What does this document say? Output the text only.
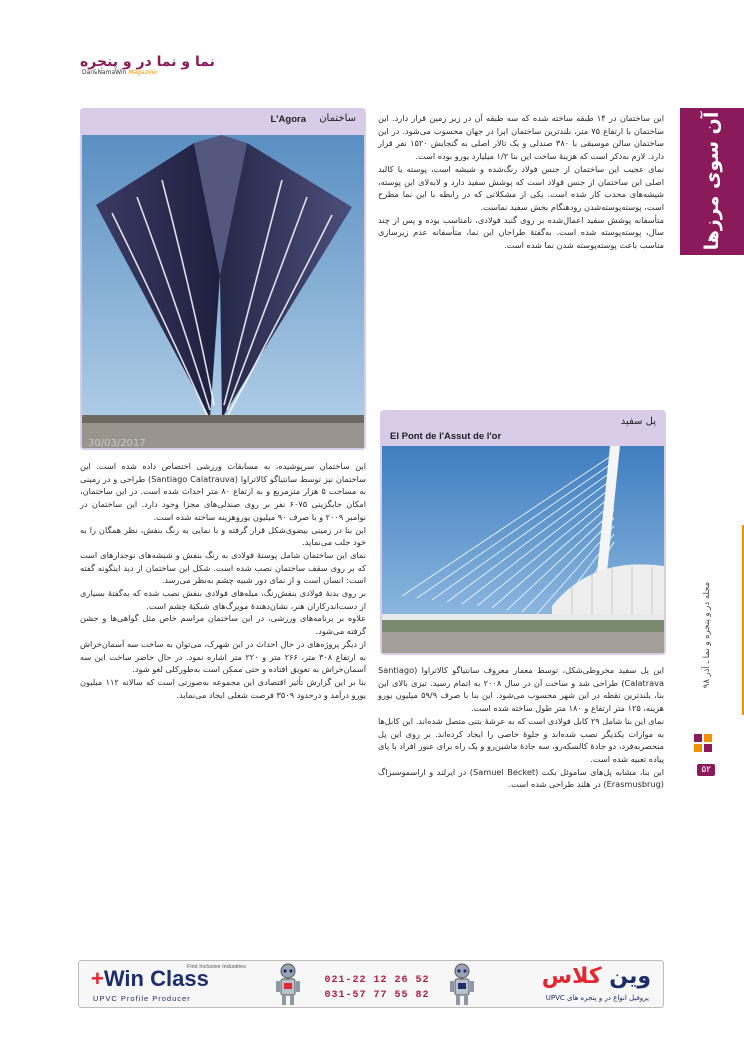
نما و نما در و پنجره
Dar&NamaWin Magazine
آن سوی مرزها
مجله در و پنجره و نما ـ آذر ۹۸
۵۲
ساختمان
L'Agora
30/03/2017

این ساختمان در ۱۴ طبقه ساخته شده که سه طبقه آن در زیر زمین قرار دارد. این ساختمان با ارتفاع ۷۵ متر، بلندترین ساختمان اپرا در جهان محسوب می‌شود. در این ساختمان سالن موسیقی با ۳۸۰ صندلی و یک تالار اصلی به گنجایش ۱۵۲۰ نفر قرار دارد. لازم به‌ذکر است که هزینهٔ ساخت این بنا ۱/۲ میلیارد یورو بوده است.

نمای عجیب این ساختمان از جنس فولاد رنگ‌شده و شیشه است، پوسته یا کالبد اصلی این ساختمان از جنس فولاد است که پوشش سفید دارد و لابه‌لای این پوسته، شیشه‌های محدب کار شده است. یکی از مشکلاتی که در رابطه با این نما مطرح است، پوسته‌پوسته‌شدن زودهنگام بخش سفید نماست.

متأسفانه پوشش سفید اعمال‌شده بر روی گنبد فولادی، نامناسب بوده و پس از چند سال، پوسته‌پوسته شده است. به‌گفتهٔ طراحان این نما، متأسفانه عدم زیرسازی مناسب باعث پوسته‌پوسته شدن نما شده است.

پل سفید
El Pont de l'Assut de l'or

این پل سفید مخروطی‌شکل، توسط معمار معروف سانتیاگو کالاتراوا (Santiago Calatrava) طراحی شد و ساخت آن در سال ۲۰۰۸ به اتمام رسید. تیزی بالای این بنا، بلندترین نقطه در این شهر محسوب می‌شود. این بنا با صرف ۵۹/۹ میلیون یورو هزینه، ۱۲۵ متر ارتفاع و ۱۸۰ متر طول ساخته شده است.

نمای این بنا شامل ۲۹ کابل فولادی است که به عرشهٔ بتنی متصل شده‌اند. این کابل‌ها به موازات یکدیگر نصب شده‌اند و جلوهٔ خاصی را ایجاد کرده‌اند. بر روی این پل منحصربه‌فرد، دو جادهٔ کالسکه‌رو، سه جادهٔ ماشین‌رو و یک راه برای عبور افراد با پای پیاده تعبیه شده است.

این بنا، مشابه پل‌های ساموئل بکت (Samuel Becket) در ایرلند و اراسموسبراگ (Erasmusbrug) در هلند طراحی شده است.

این ساختمان سرپوشیده، به مسابقات ورزشی اختصاص داده شده است. این ساختمان نیز توسط سانتیاگو کالاتراوا (Santiago Calatrauva) طراحی و در زمینی به مساحت ۵ هزار مترمربع و به ارتفاع ۸۰ متر احداث شده است. در این ساختمان، امکان جایگزینی ۶۰۷۵ نفر بر روی صندلی‌های مجزا وجود دارد. این ساختمان در نوامبر ۲۰۰۹ و با صرف ۹۰ میلیون یوروهزینه ساخته شده است.

این بنا در زمینی بیضوی‌شکل قرار گرفته و با نمایی به رنگ بنفش، نظر همگان را به خود جلب می‌نماید.

نمای این ساختمان شامل پوستهٔ فولادی به رنگ بنفش و شیشه‌های نوجدارهای است که بر روی سقف ساختمان نصب شده است. شکل این ساختمان از دید اینگونه گفته است: انسان است و از نمای دور شبیه چشم به‌نظر می‌رسد.

بر روی بدنهٔ فولادی بنفش‌رنگ، میله‌های فولادی بنفش نصب شده که به‌گفتهٔ بسیاری از دست‌اندرکاران هنر، نشان‌دهندهٔ مویرگ‌های شبکیهٔ چشم است.

علاوه بر برنامه‌های ورزشی، در این ساختمان مراسم خاص مثل گواهی‌ها و جشن گرفته می‌شود.

از دیگر پروژه‌های در حال احداث در این شهرک، می‌توان به ساخت سه آسمان‌خراش به ارتفاع ۳۰۸ متر، ۲۶۶ متر و ۲۲۰ متر اشاره نمود. در حال حاضر ساخت این سه آسمان‌خراش به تعویق افتاده و حتی ممکن است به‌طورکلی لغو شود.

بنا بر این گزارش تأثیر اقتصادی این مجموعه به‌صورتی است که سالانه ۱۱۲ میلیون یورو درآمد و درحدود ۳۵۰۹ فرصت شغلی ایجاد می‌نماید.

+Win Class
First Inclusive Industries
UPVC Profile Producer
021-22 12 26 52
031-57 77 55 82
وین کلاس
پروفیل انواع در و پنجره های UPVC
